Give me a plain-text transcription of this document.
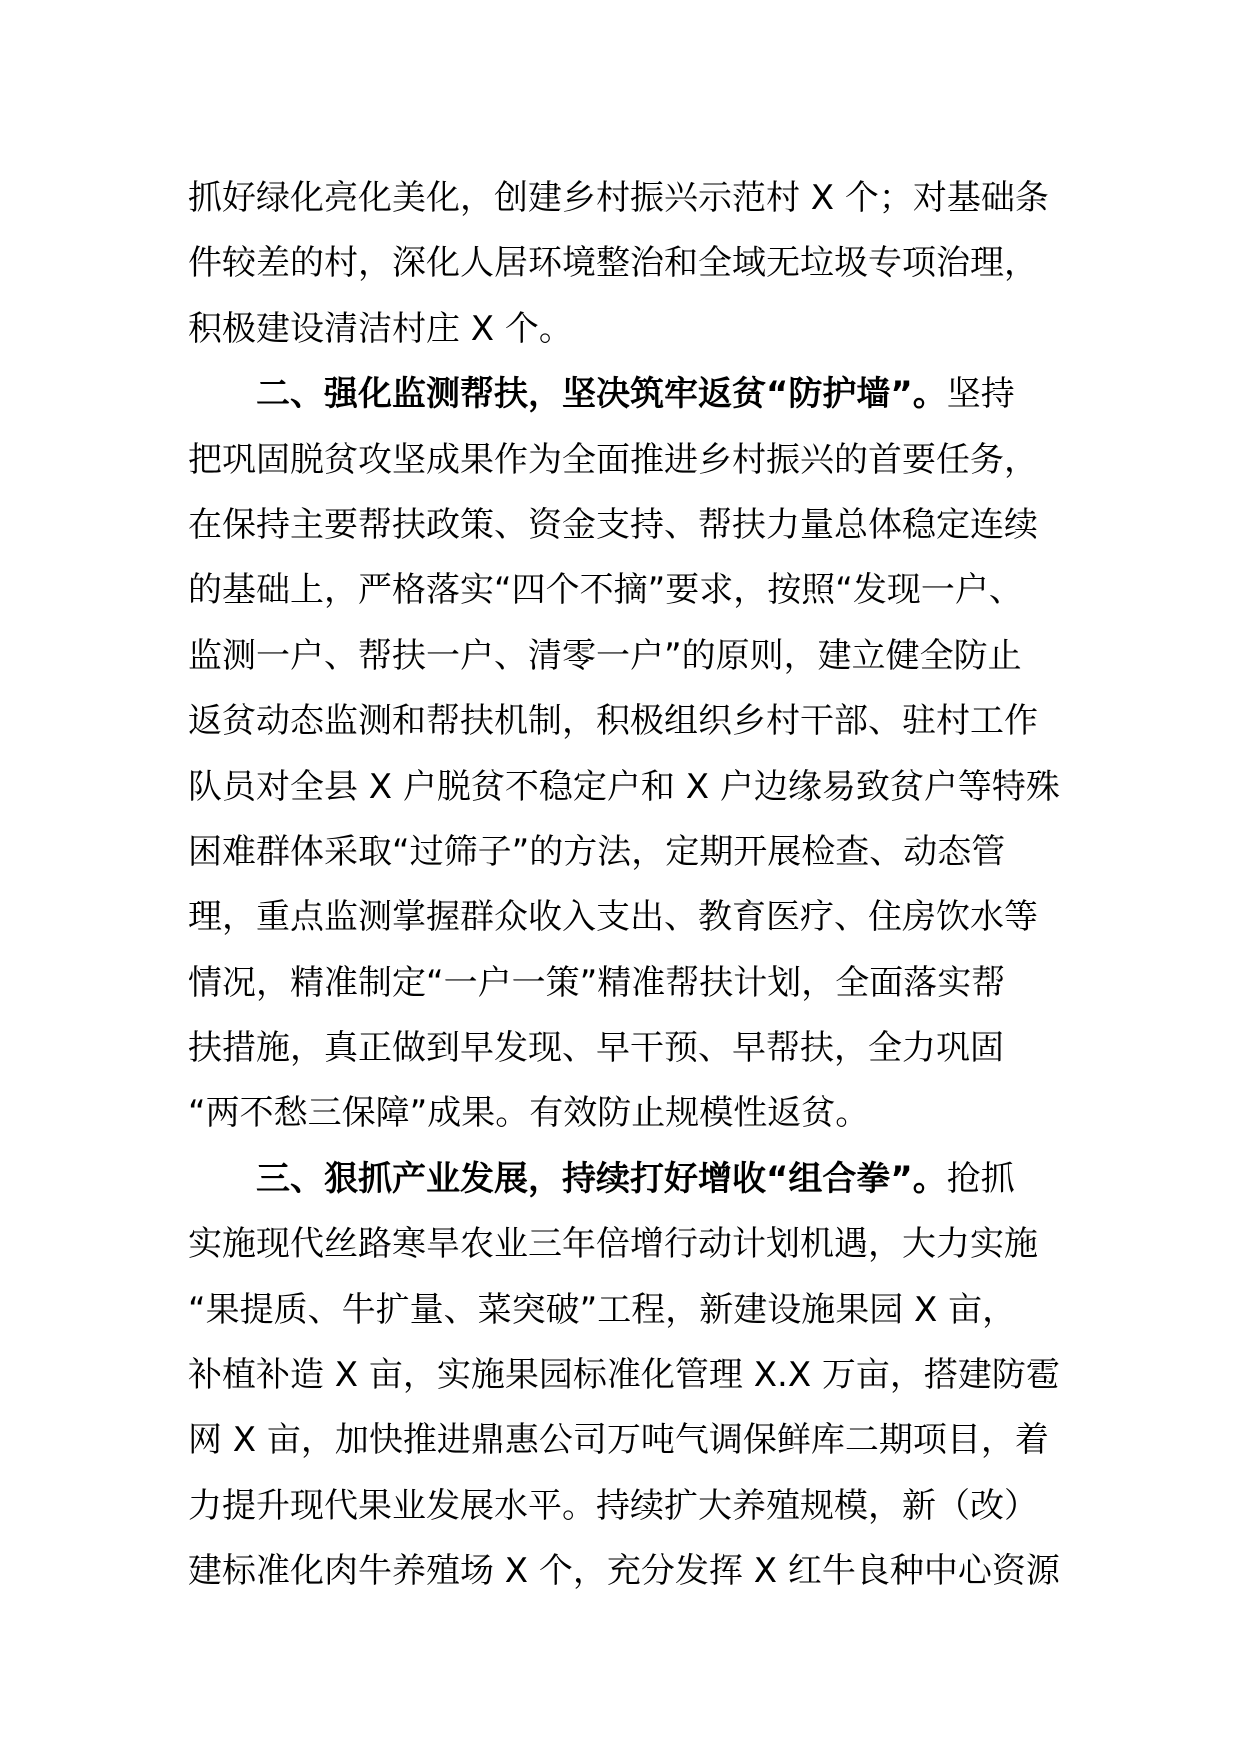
抓好绿化亮化美化，创建乡村振兴示范村 X 个；对基础条
件较差的村，深化人居环境整治和全域无垃圾专项治理，
积极建设清洁村庄 X 个。
二、强化监测帮扶，坚决筑牢返贫“防护墙”。坚持
把巩固脱贫攻坚成果作为全面推进乡村振兴的首要任务，
在保持主要帮扶政策、资金支持、帮扶力量总体稳定连续
的基础上，严格落实“四个不摘”要求，按照“发现一户、
监测一户、帮扶一户、清零一户”的原则，建立健全防止
返贫动态监测和帮扶机制，积极组织乡村干部、驻村工作
队员对全县 X 户脱贫不稳定户和 X 户边缘易致贫户等特殊
困难群体采取“过筛子”的方法，定期开展检查、动态管
理，重点监测掌握群众收入支出、教育医疗、住房饮水等
情况，精准制定“一户一策”精准帮扶计划，全面落实帮
扶措施，真正做到早发现、早干预、早帮扶，全力巩固
“两不愁三保障”成果。有效防止规模性返贫。
三、狠抓产业发展，持续打好增收“组合拳”。抢抓
实施现代丝路寒旱农业三年倍增行动计划机遇，大力实施
“果提质、牛扩量、菜突破”工程，新建设施果园 X 亩，
补植补造 X 亩，实施果园标准化管理 X.X 万亩，搭建防雹
网 X 亩，加快推进鼎惠公司万吨气调保鲜库二期项目，着
力提升现代果业发展水平。持续扩大养殖规模，新（改）
建标准化肉牛养殖场 X 个，充分发挥 X 红牛良种中心资源
